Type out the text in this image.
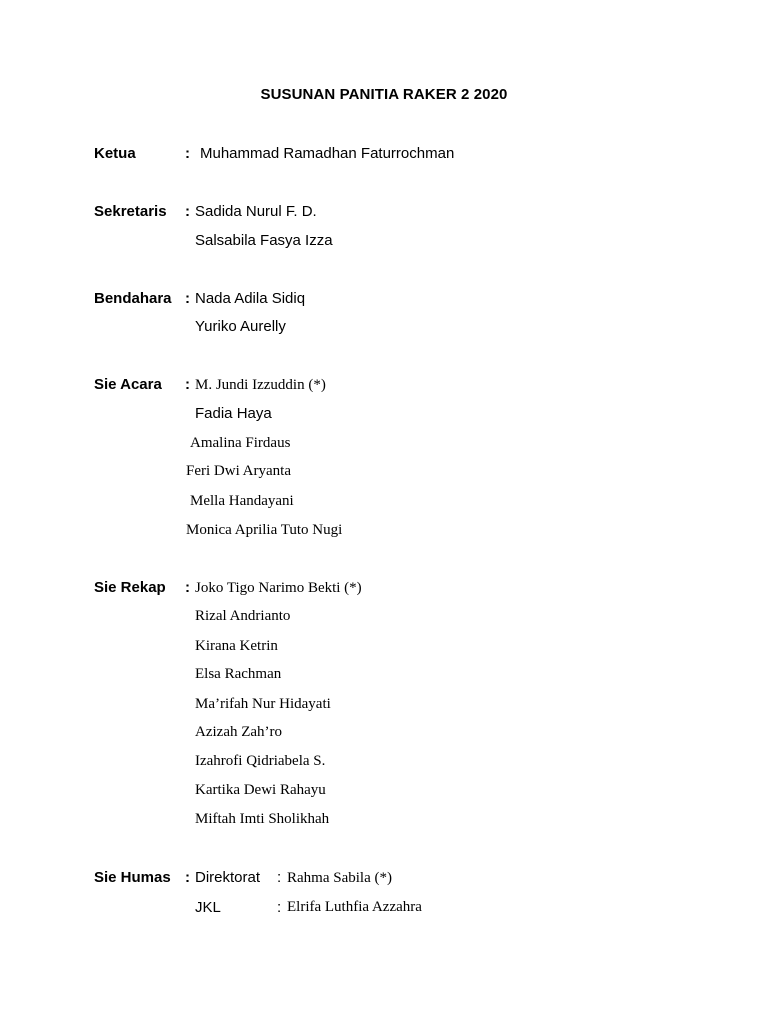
SUSUNAN PANITIA RAKER 2 2020
Ketua	: Muhammad Ramadhan Faturrochman
Sekretaris : Sadida Nurul F. D.
Salsabila Fasya Izza
Bendahara : Nada Adila Sidiq
Yuriko Aurelly
Sie Acara : M. Jundi Izzuddin (*)
Fadia Haya
Amalina Firdaus
Feri Dwi Aryanta
Mella Handayani
Monica Aprilia Tuto Nugi
Sie Rekap : Joko Tigo Narimo Bekti (*)
Rizal Andrianto
Kirana Ketrin
Elsa Rachman
Ma’rifah Nur Hidayati
Azizah Zah’ro
Izahrofi Qidriabela S.
Kartika Dewi Rahayu
Miftah Imti Sholikhah
Sie Humas : Direktorat : Rahma Sabila (*)
JKL	: Elrifa Luthfia Azzahra
